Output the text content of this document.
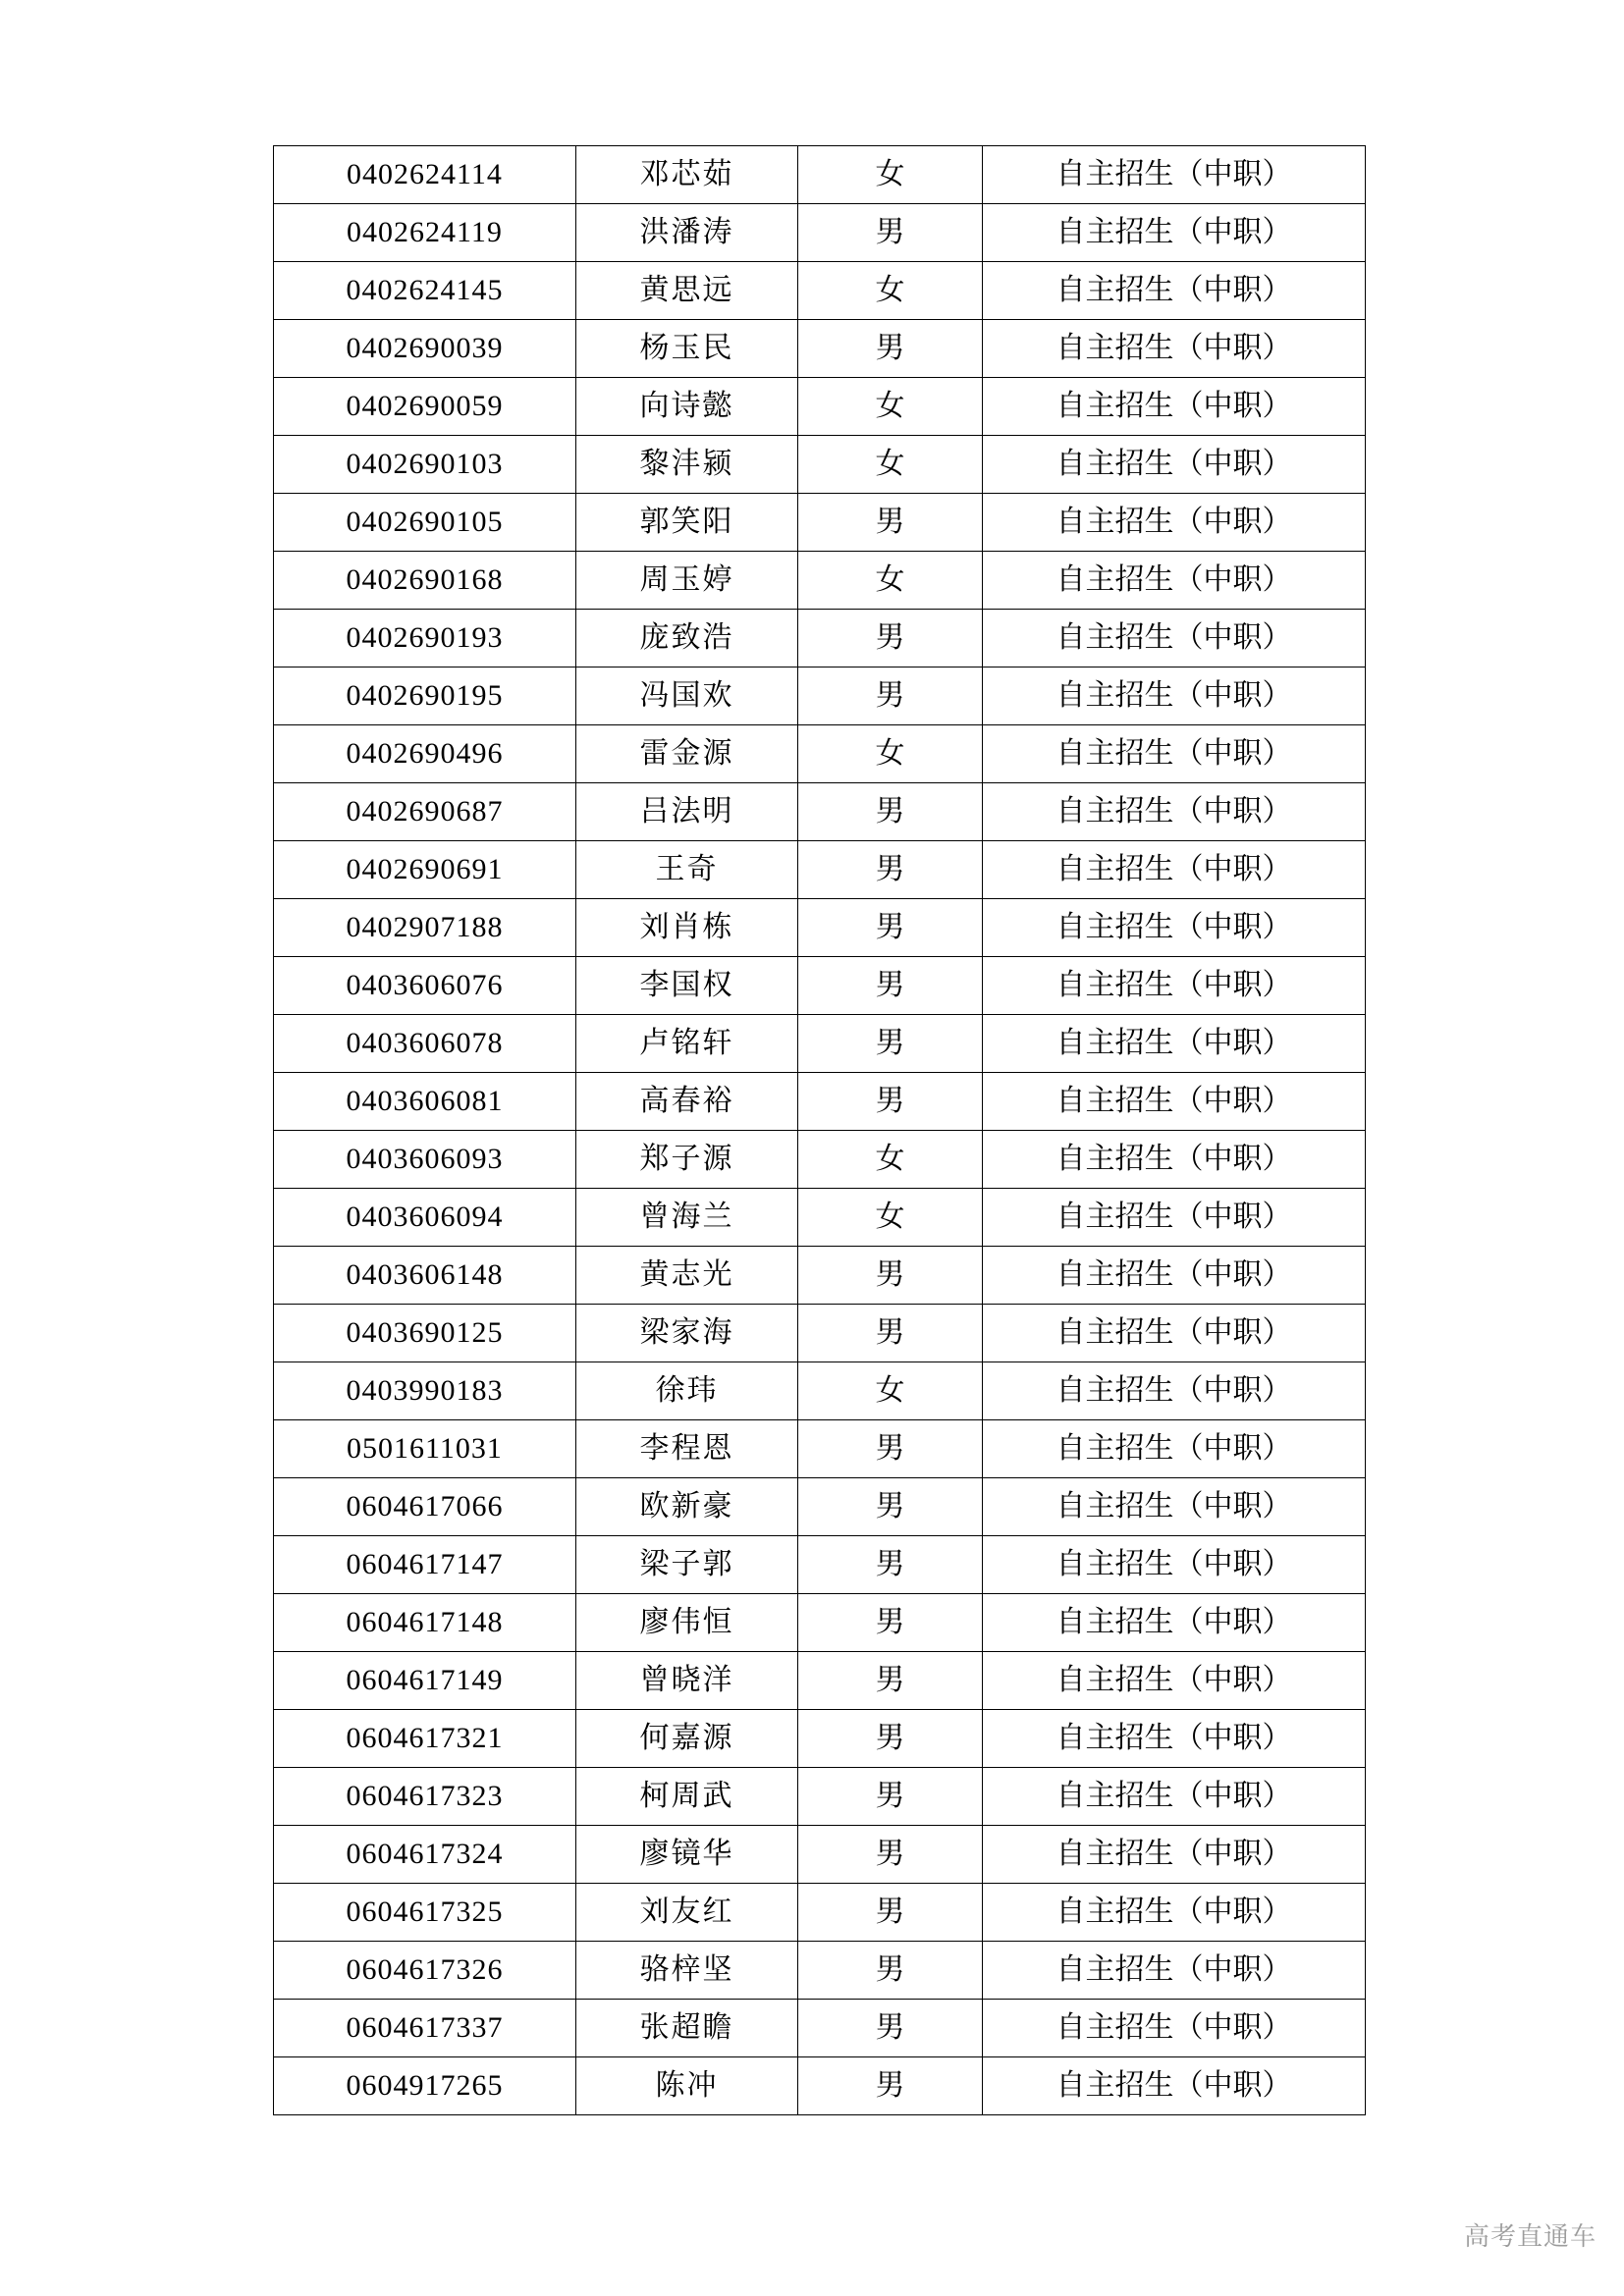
0402624114	邓芯茹	女	自主招生（中职）
0402624119	洪潘涛	男	自主招生（中职）
0402624145	黄思远	女	自主招生（中职）
0402690039	杨玉民	男	自主招生（中职）
0402690059	向诗懿	女	自主招生（中职）
0402690103	黎沣颍	女	自主招生（中职）
0402690105	郭笑阳	男	自主招生（中职）
0402690168	周玉婷	女	自主招生（中职）
0402690193	庞致浩	男	自主招生（中职）
0402690195	冯国欢	男	自主招生（中职）
0402690496	雷金源	女	自主招生（中职）
0402690687	吕法明	男	自主招生（中职）
0402690691	王奇	男	自主招生（中职）
0402907188	刘肖栋	男	自主招生（中职）
0403606076	李国权	男	自主招生（中职）
0403606078	卢铭轩	男	自主招生（中职）
0403606081	高春裕	男	自主招生（中职）
0403606093	郑子源	女	自主招生（中职）
0403606094	曾海兰	女	自主招生（中职）
0403606148	黄志光	男	自主招生（中职）
0403690125	梁家海	男	自主招生（中职）
0403990183	徐玮	女	自主招生（中职）
0501611031	李程恩	男	自主招生（中职）
0604617066	欧新豪	男	自主招生（中职）
0604617147	梁子郭	男	自主招生（中职）
0604617148	廖伟恒	男	自主招生（中职）
0604617149	曾晓洋	男	自主招生（中职）
0604617321	何嘉源	男	自主招生（中职）
0604617323	柯周武	男	自主招生（中职）
0604617324	廖镜华	男	自主招生（中职）
0604617325	刘友红	男	自主招生（中职）
0604617326	骆梓坚	男	自主招生（中职）
0604617337	张超瞻	男	自主招生（中职）
0604917265	陈冲	男	自主招生（中职）
高考直通车
